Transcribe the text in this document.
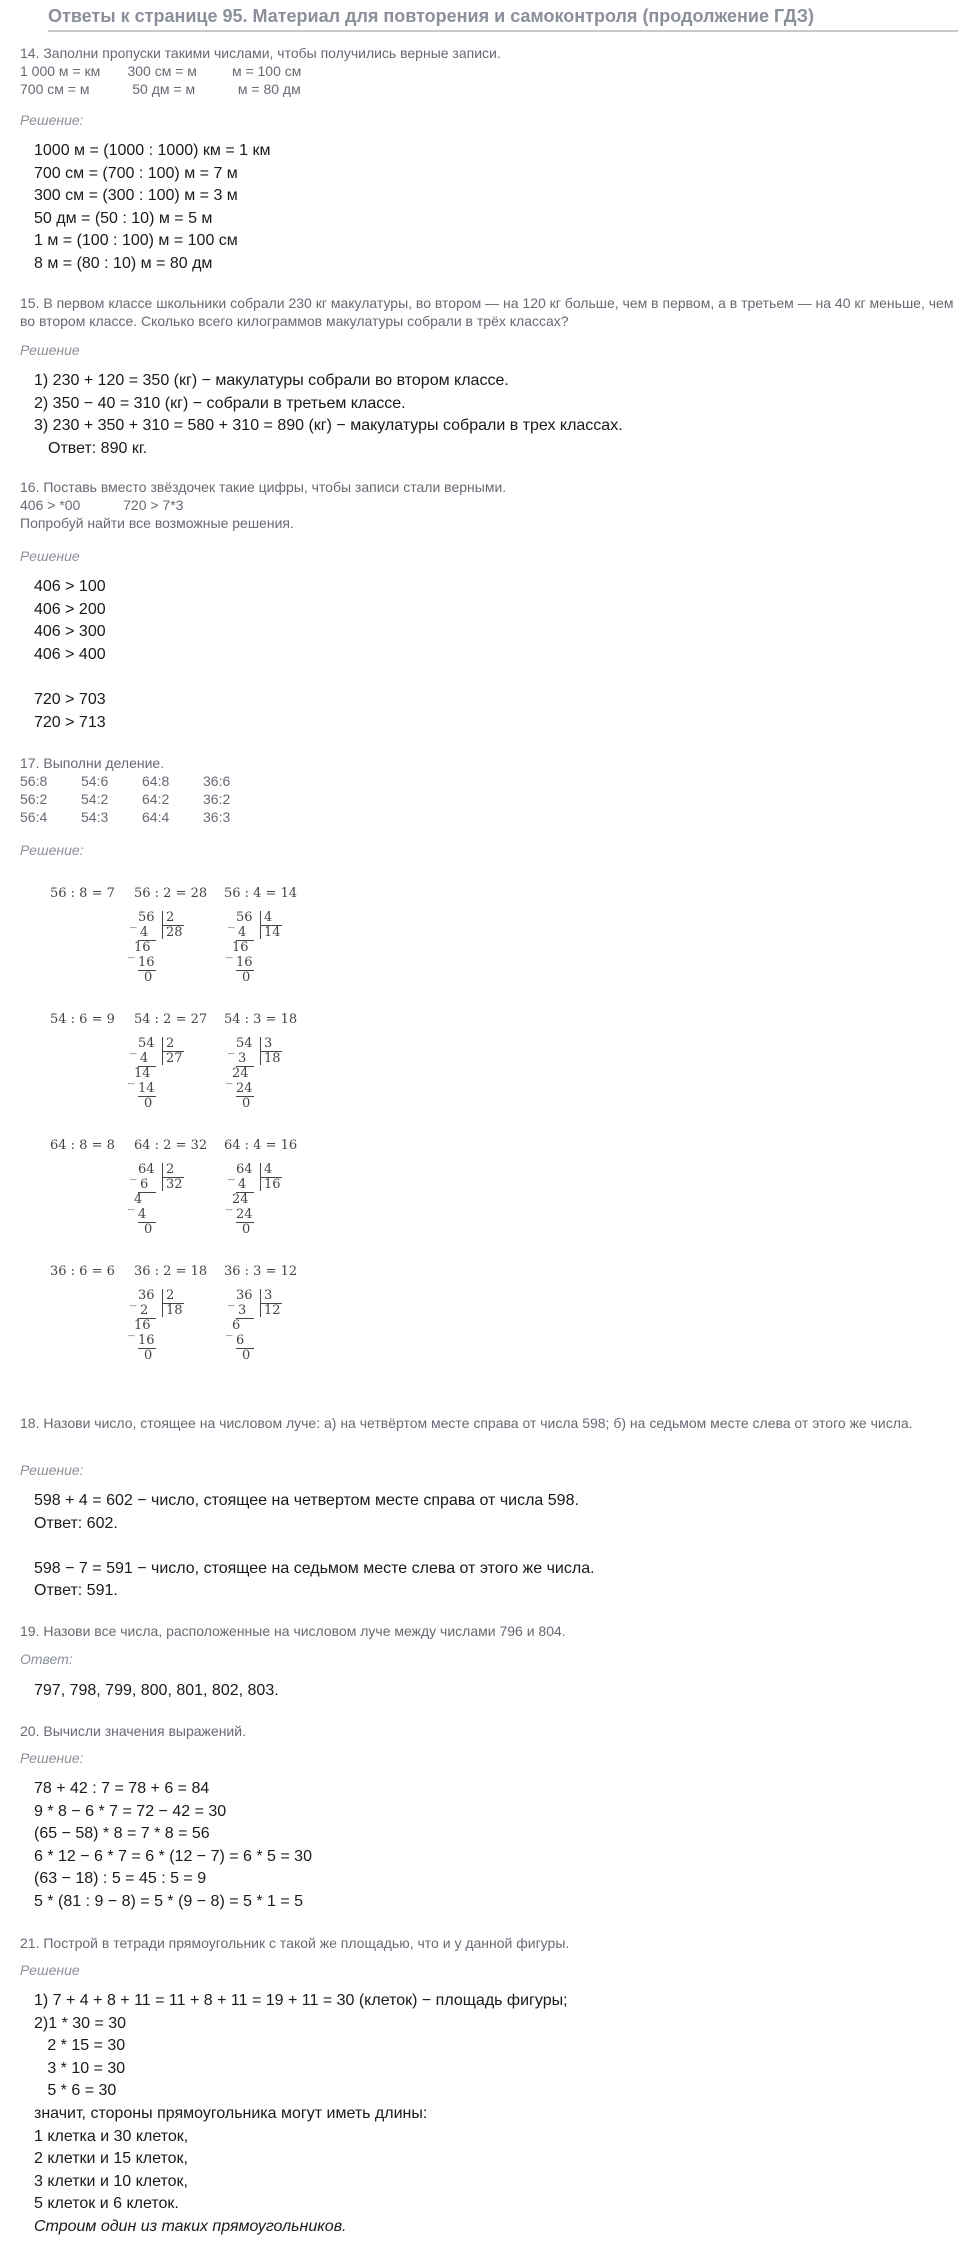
Ответы к странице 95. Материал для повторения и самоконтроля (продолжение ГДЗ)
14. Заполни пропуски такими числами, чтобы получились верные записи.
1 000 м = км       300 см = м         м = 100 см
700 см = м           50 дм = м           м = 80 дм
Решение:
1000 м = (1000 : 1000) км = 1 км
700 см = (700 : 100) м = 7 м
300 см = (300 : 100) м = 3 м
50 дм = (50 : 10) м = 5 м
1 м = (100 : 100) м = 100 см
8 м = (80 : 10) м = 80 дм
15. В первом классе школьники собрали 230 кг макулатуры, во втором — на 120 кг больше, чем в первом, а в третьем — на 40 кг меньше, чем во втором классе. Сколько всего килограммов макулатуры собрали в трёх классах?
Решение
1) 230 + 120 = 350 (кг) − макулатуры собрали во втором классе.
2) 350 − 40 = 310 (кг) − собрали в третьем классе.
3) 230 + 350 + 310 = 580 + 310 = 890 (кг) − макулатуры собрали в трех классах.
Ответ: 890 кг.
16. Поставь вместо звёздочек такие цифры, чтобы записи стали верными.
406 > *00           720 > 7*3
Попробуй найти все возможные решения.
Решение
406 > 100
406 > 200
406 > 300
406 > 400

720 > 703
720 > 713
17. Выполни деление.
56:8 54:6 64:8 36:6
56:2 54:2 64:2 36:2
56:4 54:3 64:4 36:3
Решение:
56 : 8 = 7 56 : 2 = 28 56 : 4 = 14
56
4
16
16
0
_
_
2
28
56
4
16
16
0
_
_
4
14
54 : 6 = 9 54 : 2 = 27 54 : 3 = 18
54
4
14
14
0
_
_
2
27
54
3
24
24
0
_
_
3
18
64 : 8 = 8 64 : 2 = 32 64 : 4 = 16
64
6
4
4
0
_
_
2
32
64
4
24
24
0
_
_
4
16
36 : 6 = 6 36 : 2 = 18 36 : 3 = 12
36
2
16
16
0
_
_
2
18
36
3
6
6
0
_
_
3
12
18. Назови число, стоящее на числовом луче: а) на четвёртом месте справа от числа 598; б) на седьмом месте слева от этого же числа.
Решение:
598 + 4 = 602 − число, стоящее на четвертом месте справа от числа 598.
Ответ: 602.

598 − 7 = 591 − число, стоящее на седьмом месте слева от этого же числа.
Ответ: 591.
19. Назови все числа, расположенные на числовом луче между числами 796 и 804.
Ответ:
797, 798, 799, 800, 801, 802, 803.
20. Вычисли значения выражений.
Решение:
78 + 42 : 7 = 78 + 6 = 84
9 * 8 − 6 * 7 = 72 − 42 = 30
(65 − 58) * 8 = 7 * 8 = 56
6 * 12 − 6 * 7 = 6 * (12 − 7) = 6 * 5 = 30
(63 − 18) : 5 = 45 : 5 = 9
5 * (81 : 9 − 8) = 5 * (9 − 8) = 5 * 1 = 5
21. Построй в тетради прямоугольник с такой же площадью, что и у данной фигуры.
Решение
1) 7 + 4 + 8 + 11 = 11 + 8 + 11 = 19 + 11 = 30 (клеток) − площадь фигуры;
2)1 * 30 = 30
2 * 15 = 30
3 * 10 = 30
5 * 6 = 30
значит, стороны прямоугольника могут иметь длины:
1 клетка и 30 клеток,
2 клетки и 15 клеток,
3 клетки и 10 клеток,
5 клеток и 6 клеток.
Строим один из таких прямоугольников.
